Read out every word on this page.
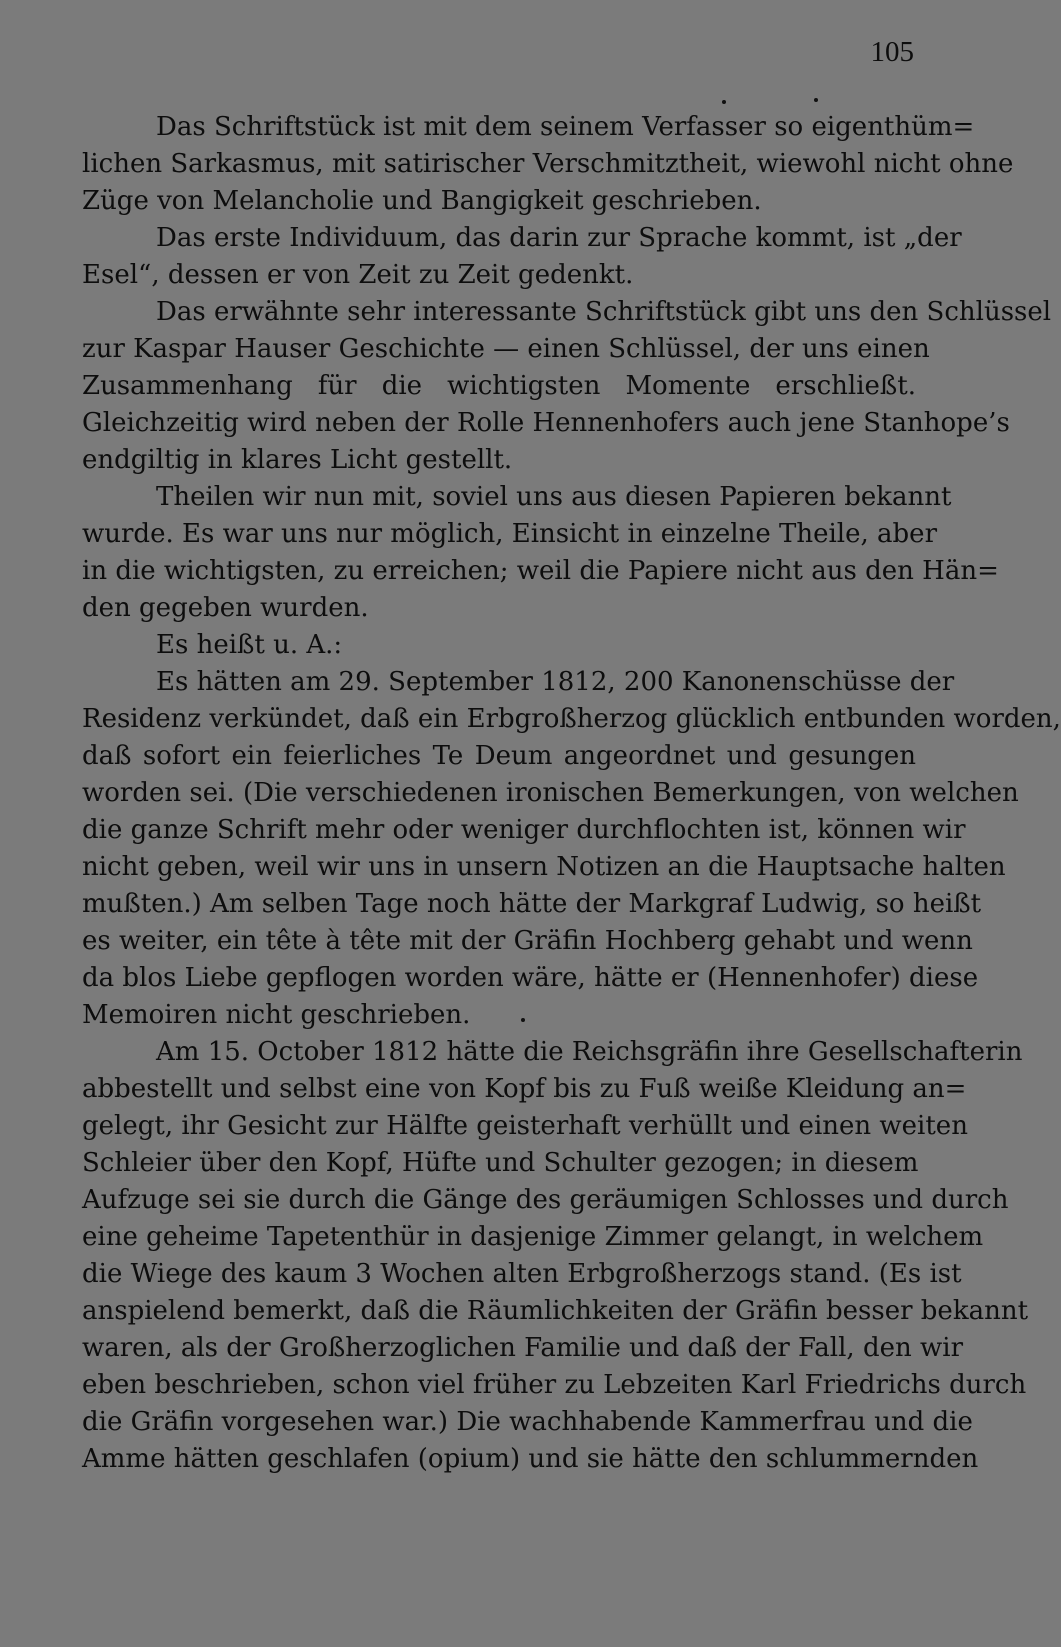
105
Das Schriftstück ist mit dem seinem Verfasser so eigenthüm=
lichen Sarkasmus, mit satirischer Verschmitztheit, wiewohl nicht ohne
Züge von Melancholie und Bangigkeit geschrieben.
Das erste Individuum, das darin zur Sprache kommt, ist „der
Esel“, dessen er von Zeit zu Zeit gedenkt.
Das erwähnte sehr interessante Schriftstück gibt uns den Schlüssel
zur Kaspar Hauser Geschichte — einen Schlüssel, der uns einen
Zusammenhang für die wichtigsten Momente erschließt.
Gleichzeitig wird neben der Rolle Hennenhofers auch jene Stanhope’s
endgiltig in klares Licht gestellt.
Theilen wir nun mit, soviel uns aus diesen Papieren bekannt
wurde. Es war uns nur möglich, Einsicht in einzelne Theile, aber
in die wichtigsten, zu erreichen; weil die Papiere nicht aus den Hän=
den gegeben wurden.
Es heißt u. A.:
Es hätten am 29. September 1812, 200 Kanonenschüsse der
Residenz verkündet, daß ein Erbgroßherzog glücklich entbunden worden,
daß sofort ein feierliches Te Deum angeordnet und gesungen
worden sei. (Die verschiedenen ironischen Bemerkungen, von welchen
die ganze Schrift mehr oder weniger durchflochten ist, können wir
nicht geben, weil wir uns in unsern Notizen an die Hauptsache halten
mußten.) Am selben Tage noch hätte der Markgraf Ludwig, so heißt
es weiter, ein tête à tête mit der Gräfin Hochberg gehabt und wenn
da blos Liebe gepflogen worden wäre, hätte er (Hennenhofer) diese
Memoiren nicht geschrieben.
Am 15. October 1812 hätte die Reichsgräfin ihre Gesellschafterin
abbestellt und selbst eine von Kopf bis zu Fuß weiße Kleidung an=
gelegt, ihr Gesicht zur Hälfte geisterhaft verhüllt und einen weiten
Schleier über den Kopf, Hüfte und Schulter gezogen; in diesem
Aufzuge sei sie durch die Gänge des geräumigen Schlosses und durch
eine geheime Tapetenthür in dasjenige Zimmer gelangt, in welchem
die Wiege des kaum 3 Wochen alten Erbgroßherzogs stand. (Es ist
anspielend bemerkt, daß die Räumlichkeiten der Gräfin besser bekannt
waren, als der Großherzoglichen Familie und daß der Fall, den wir
eben beschrieben, schon viel früher zu Lebzeiten Karl Friedrichs durch
die Gräfin vorgesehen war.) Die wachhabende Kammerfrau und die
Amme hätten geschlafen (opium) und sie hätte den schlummernden
